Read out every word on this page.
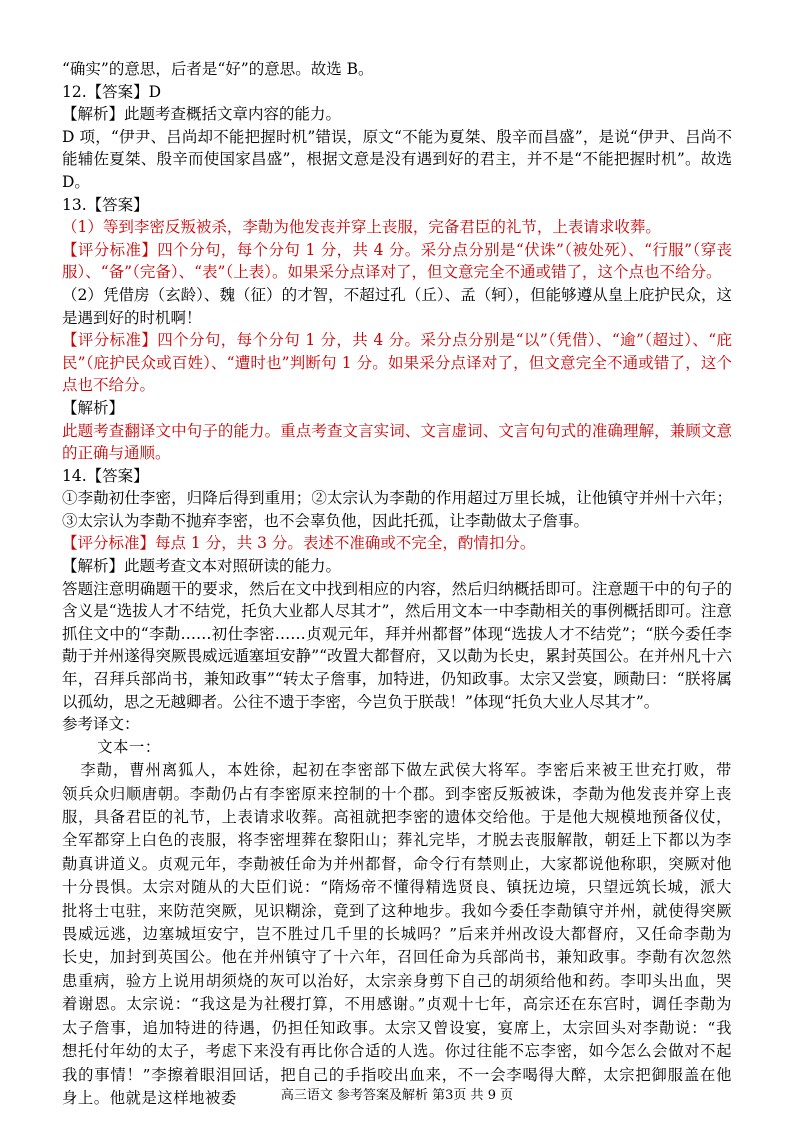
“确实”的意思，后者是“好”的意思。故选 B。

12.【答案】D

【解析】此题考查概括文章内容的能力。

D 项，“伊尹、吕尚却不能把握时机”错误，原文“不能为夏桀、殷辛而昌盛”，是说“伊尹、吕尚不能辅佐夏桀、殷辛而使国家昌盛”，根据文意是没有遇到好的君主，并不是“不能把握时机”。故选 D。

13.【答案】

（1）等到李密反叛被杀，李勣为他发丧并穿上丧服，完备君臣的礼节，上表请求收葬。

【评分标准】四个分句，每个分句 1 分，共 4 分。采分点分别是“伏诛”（被处死）、“行服”（穿丧服）、“备”（完备）、“表”（上表）。如果采分点译对了，但文意完全不通或错了，这个点也不给分。

（2）凭借房（玄龄）、魏（征）的才智，不超过孔（丘）、孟（轲），但能够遵从皇上庇护民众，这是遇到好的时机啊！

【评分标准】四个分句，每个分句 1 分，共 4 分。采分点分别是“以”（凭借）、“逾”（超过）、“庇民”（庇护民众或百姓）、“遭时也”判断句 1 分。如果采分点译对了，但文意完全不通或错了，这个点也不给分。

【解析】

此题考查翻译文中句子的能力。重点考查文言实词、文言虚词、文言句句式的准确理解，兼顾文意的正确与通顺。

14.【答案】

①李勣初仕李密，归降后得到重用；②太宗认为李勣的作用超过万里长城，让他镇守并州十六年；③太宗认为李勣不抛弃李密，也不会辜负他，因此托孤，让李勣做太子詹事。

【评分标准】每点 1 分，共 3 分。表述不准确或不完全，酌情扣分。

【解析】此题考查文本对照研读的能力。

答题注意明确题干的要求，然后在文中找到相应的内容，然后归纳概括即可。注意题干中的句子的含义是“选拔人才不结党，托负大业都人尽其才”，然后用文本一中李勣相关的事例概括即可。注意抓住文中的“李勣……初仕李密……贞观元年，拜并州都督”体现“选拔人才不结党”；“朕今委任李勣于并州遂得突厥畏威远遁塞垣安静”“改置大都督府，又以勣为长史，累封英国公。在并州凡十六年，召拜兵部尚书，兼知政事”“转太子詹事，加特进，仍知政事。太宗又尝宴，顾勣曰：“朕将属以孤幼，思之无越卿者。公往不遗于李密，今岂负于朕哉！”体现“托负大业人尽其才”。

参考译文：

文本一：

李勣，曹州离狐人，本姓徐，起初在李密部下做左武侯大将军。李密后来被王世充打败，带领兵众归顺唐朝。李勣仍占有李密原来控制的十个郡。到李密反叛被诛，李勣为他发丧并穿上丧服，具备君臣的礼节，上表请求收葬。高祖就把李密的遗体交给他。于是他大规模地预备仪仗，全军都穿上白色的丧服，将李密埋葬在黎阳山；葬礼完毕，才脱去丧服解散，朝廷上下都以为李勣真讲道义。贞观元年，李勣被任命为并州都督，命令行有禁则止，大家都说他称职，突厥对他十分畏惧。太宗对随从的大臣们说：“隋炀帝不懂得精选贤良、镇抚边境，只望远筑长城，派大批将士屯驻，来防范突厥，见识糊涂，竟到了这种地步。我如今委任李勣镇守并州，就使得突厥畏威远逃，边塞城垣安宁，岂不胜过几千里的长城吗？”后来并州改设大都督府，又任命李勣为长史，加封到英国公。他在并州镇守了十六年，召回任命为兵部尚书，兼知政事。李勣有次忽然患重病，验方上说用胡须烧的灰可以治好，太宗亲身剪下自己的胡须给他和药。李叩头出血，哭着谢恩。太宗说：“我这是为社稷打算，不用感谢。”贞观十七年，高宗还在东宫时，调任李勣为太子詹事，追加特进的待遇，仍担任知政事。太宗又曾设宴，宴席上，太宗回头对李勣说：“我想托付年幼的太子，考虑下来没有再比你合适的人选。你过往能不忘李密，如今怎么会做对不起我的事情！”李擦着眼泪回话，把自己的手指咬出血来，不一会李喝得大醉，太宗把御服盖在他身上。他就是这样地被委	高三语文 参考答案及解析 第3页 共 9 页
